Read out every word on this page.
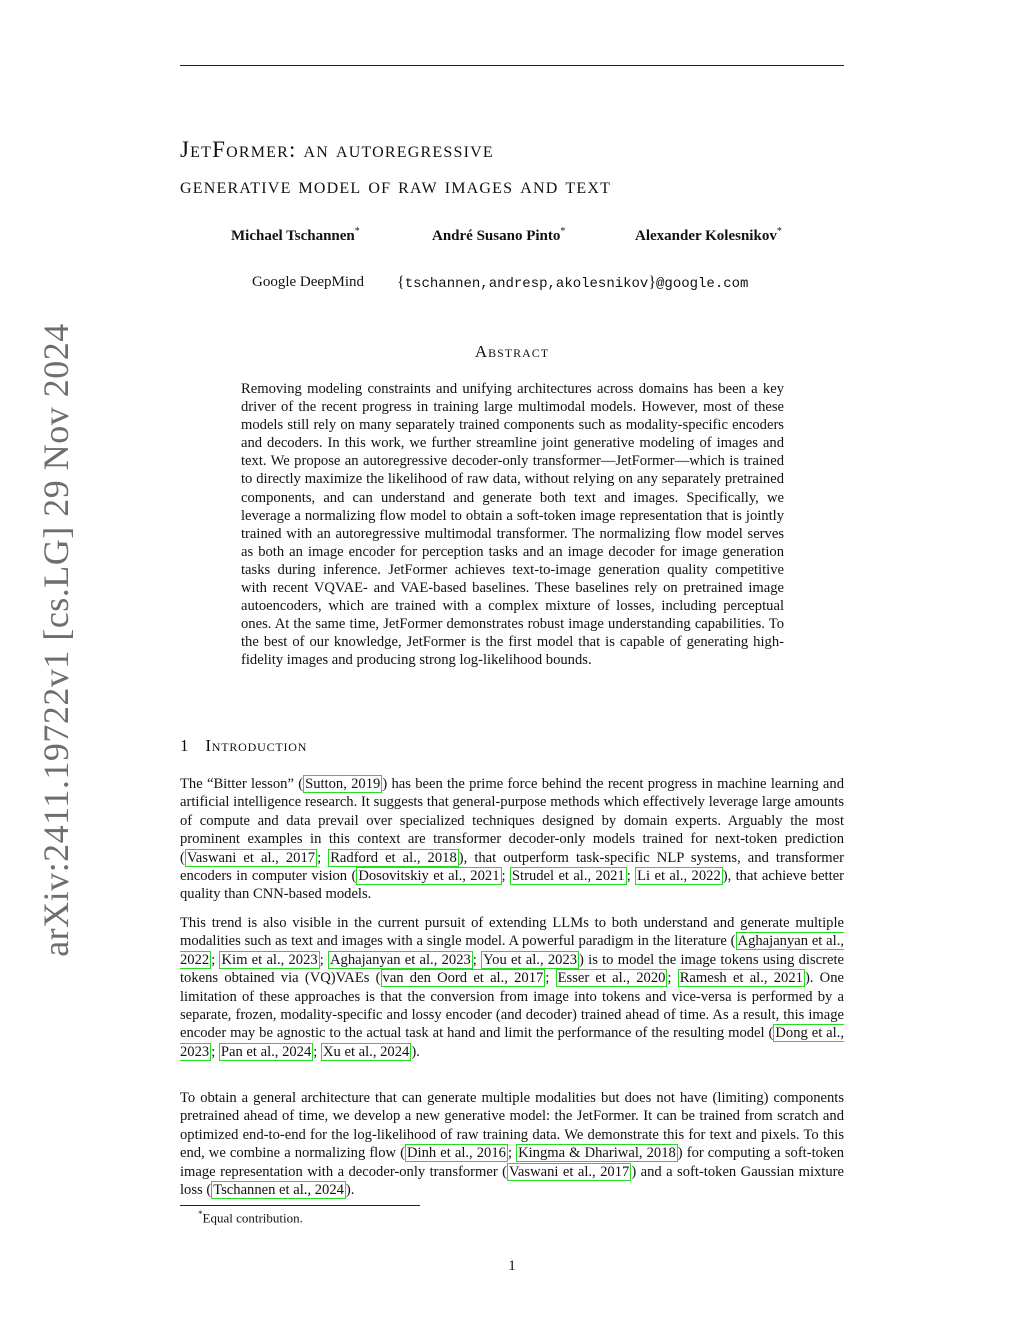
arXiv:2411.19722v1 [cs.LG] 29 Nov 2024
JetFormer: an autoregressive
generative model of raw images and text
Michael Tschannen*	André Susano Pinto*	Alexander Kolesnikov*
Google DeepMind {tschannen,andresp,akolesnikov}@google.com
Abstract
Removing modeling constraints and unifying architectures across domains has been a key driver of the recent progress in training large multimodal models. However, most of these models still rely on many separately trained components such as modality-specific encoders and decoders. In this work, we further streamline joint generative modeling of images and text. We propose an autoregressive decoder-only transformer—JetFormer—which is trained to directly maximize the likelihood of raw data, without relying on any separately pretrained components, and can understand and generate both text and images. Specifically, we leverage a normalizing flow model to obtain a soft-token image representation that is jointly trained with an autoregressive multimodal transformer. The normalizing flow model serves as both an image encoder for perception tasks and an image decoder for image generation tasks during inference. JetFormer achieves text-to-image generation quality competitive with recent VQVAE- and VAE-based baselines. These baselines rely on pretrained image autoencoders, which are trained with a complex mixture of losses, including perceptual ones. At the same time, JetFormer demonstrates robust image understanding capabilities. To the best of our knowledge, JetFormer is the first model that is capable of generating high-fidelity images and producing strong log-likelihood bounds.
1 Introduction
The “Bitter lesson” ( Sutton, 2019 ) has been the prime force behind the recent progress in machine learning and artificial intelligence research. It suggests that general-purpose methods which effectively leverage large amounts of compute and data prevail over specialized techniques designed by domain experts. Arguably the most prominent examples in this context are transformer decoder-only models trained for next-token prediction ( Vaswani et al., 2017 ; Radford et al., 2018 ), that outperform task-specific NLP systems, and transformer encoders in computer vision ( Dosovitskiy et al., 2021 ; Strudel et al., 2021 ; Li et al., 2022 ), that achieve better quality than CNN-based models.
This trend is also visible in the current pursuit of extending LLMs to both understand and generate multiple modalities such as text and images with a single model. A powerful paradigm in the literature ( Aghajanyan et al., 2022 ; Kim et al., 2023 ; Aghajanyan et al., 2023 ; You et al., 2023 ) is to model the image tokens using discrete tokens obtained via (VQ)VAEs ( van den Oord et al., 2017 ; Esser et al., 2020 ; Ramesh et al., 2021 ). One limitation of these approaches is that the conversion from image into tokens and vice-versa is performed by a separate, frozen, modality-specific and lossy encoder (and decoder) trained ahead of time. As a result, this image encoder may be agnostic to the actual task at hand and limit the performance of the resulting model ( Dong et al., 2023 ; Pan et al., 2024 ; Xu et al., 2024 ).
To obtain a general architecture that can generate multiple modalities but does not have (limiting) components pretrained ahead of time, we develop a new generative model: the JetFormer. It can be trained from scratch and optimized end-to-end for the log-likelihood of raw training data. We demonstrate this for text and pixels. To this end, we combine a normalizing flow ( Dinh et al., 2016 ; Kingma & Dhariwal, 2018 ) for computing a soft-token image representation with a decoder-only transformer ( Vaswani et al., 2017 ) and a soft-token Gaussian mixture loss ( Tschannen et al., 2024 ).
*Equal contribution.
1
